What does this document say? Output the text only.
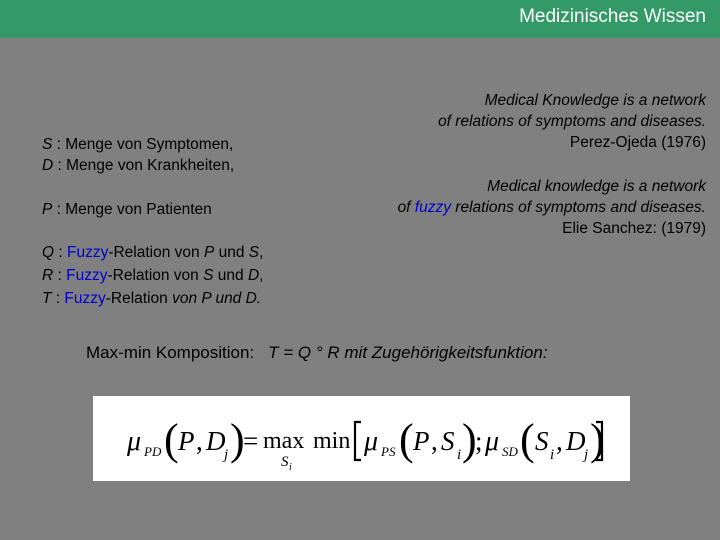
Medizinisches Wissen
S : Menge von Symptomen,
D : Menge von Krankheiten,
P : Menge von Patienten
Q : Fuzzy-Relation von P und S,
R : Fuzzy-Relation von S und D,
T : Fuzzy-Relation von P und D.
Medical Knowledge is a network
of relations of symptoms and diseases.
Perez-Ojeda (1976)
Medical knowledge is a network
of fuzzy relations of symptoms and diseases.
Elie Sanchez: (1979)
Max-min Komposition: T = Q ° R mit Zugehörigkeitsfunktion:
μ PD ( P , D
j )
= max
S i
min μ PS ( P , S i )
; μ SD ( S i , D
j )
